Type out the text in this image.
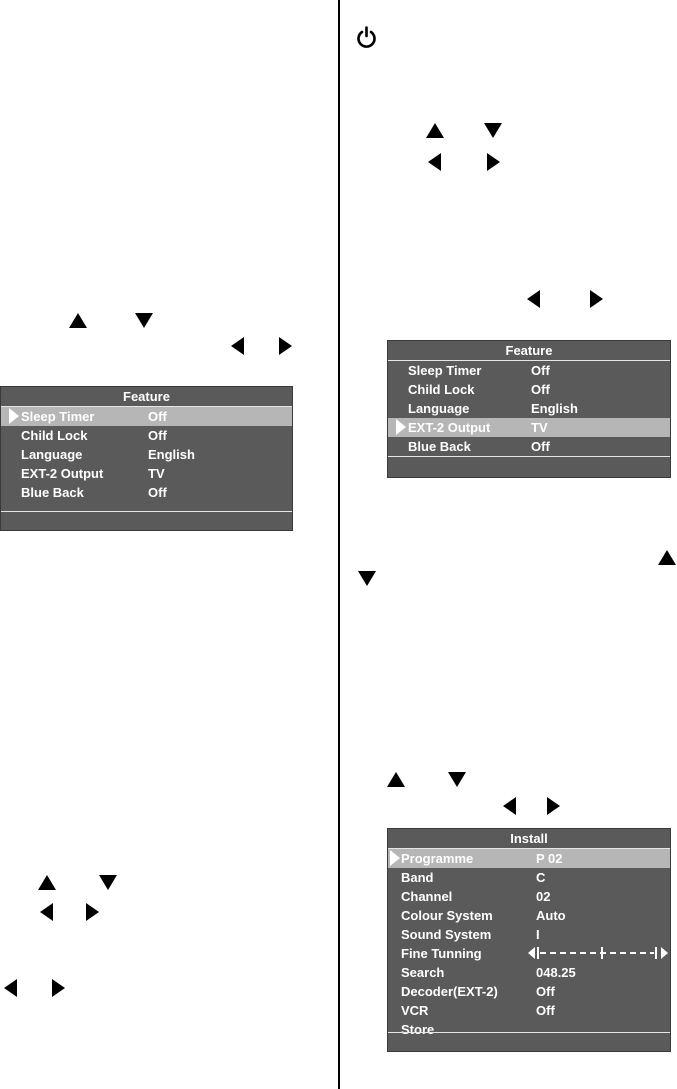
Feature
Sleep Timer	Off
Child Lock	Off
Language	English
EXT-2 Output	TV
Blue Back	Off
Feature
Sleep Timer	Off
Child Lock	Off
Language	English
EXT-2 Output	TV
Blue Back	Off
Install
Programme	P 02
Band	C
Channel	02
Colour System	Auto
Sound System	I
Fine Tunning
Search	048.25
Decoder(EXT-2)	Off
VCR	Off
Store
